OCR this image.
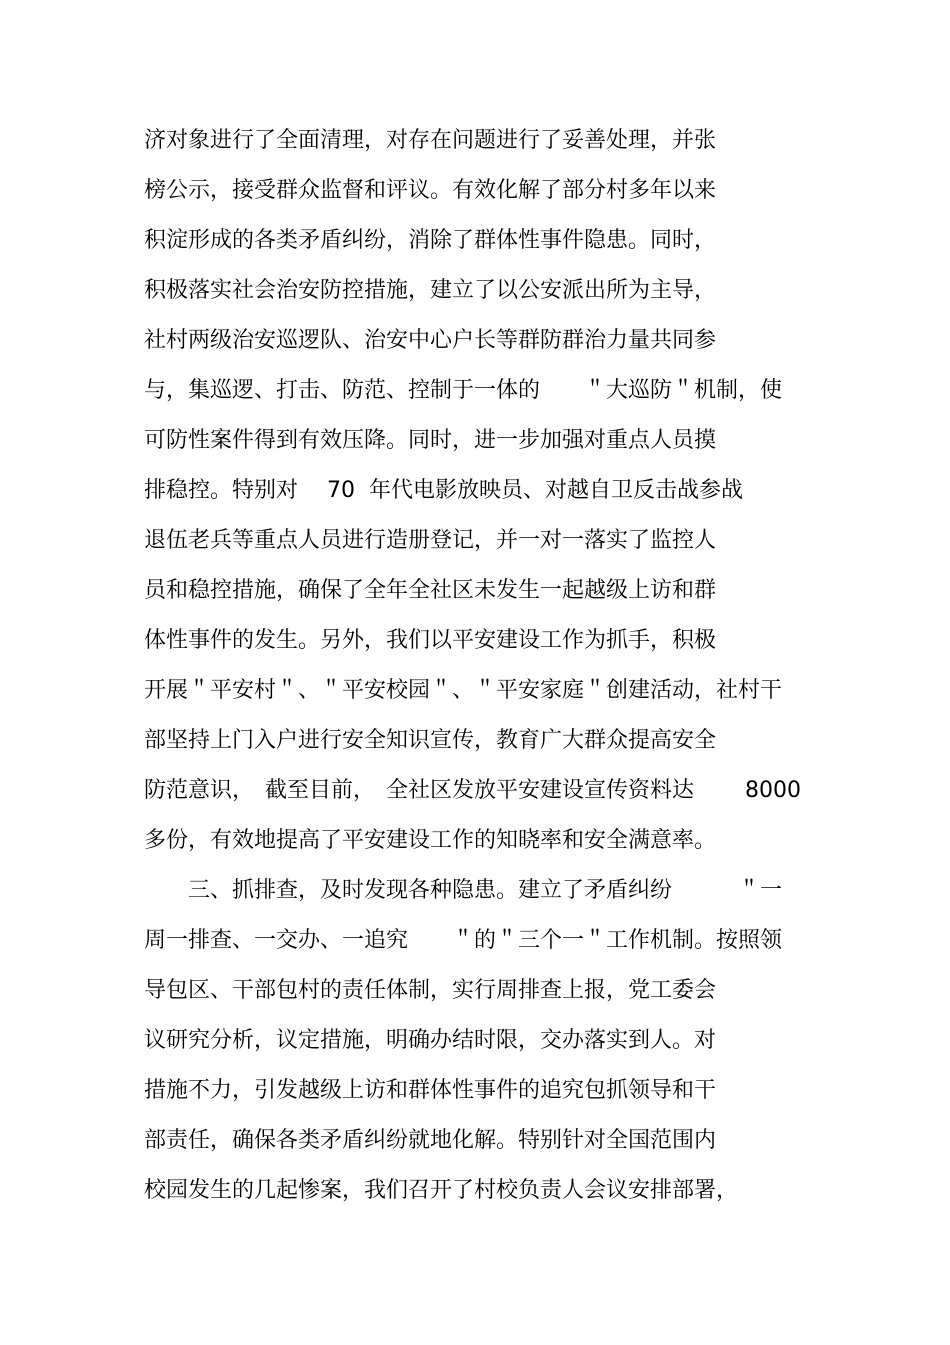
济对象进行了全面清理，对存在问题进行了妥善处理，并张

榜公示，接受群众监督和评议。有效化解了部分村多年以来

积淀形成的各类矛盾纠纷，消除了群体性事件隐患。同时，

积极落实社会治安防控措施，建立了以公安派出所为主导，

社村两级治安巡逻队、治安中心户长等群防群治力量共同参

与，集巡逻、打击、防范、控制于一体的　　＂大巡防＂机制，使

可防性案件得到有效压降。同时，进一步加强对重点人员摸

排稳控。特别对　 70  年代电影放映员、对越自卫反击战参战

退伍老兵等重点人员进行造册登记，并一对一落实了监控人

员和稳控措施，确保了全年全社区未发生一起越级上访和群

体性事件的发生。另外，我们以平安建设工作为抓手，积极

开展＂平安村＂、＂平安校园＂、＂平安家庭＂创建活动，社村干

部坚持上门入户进行安全知识宣传，教育广大群众提高安全

防范意识，　截至目前，　全社区发放平安建设宣传资料达　　 8000

多份，有效地提高了平安建设工作的知晓率和安全满意率。

　　三、抓排查，及时发现各种隐患。建立了矛盾纠纷　　　＂一

周一排查、一交办、一追究　　＂的＂三个一＂工作机制。按照领

导包区、干部包村的责任体制，实行周排查上报，党工委会

议研究分析，议定措施，明确办结时限，交办落实到人。对

措施不力，引发越级上访和群体性事件的追究包抓领导和干

部责任，确保各类矛盾纠纷就地化解。特别针对全国范围内

校园发生的几起惨案，我们召开了村校负责人会议安排部署，
